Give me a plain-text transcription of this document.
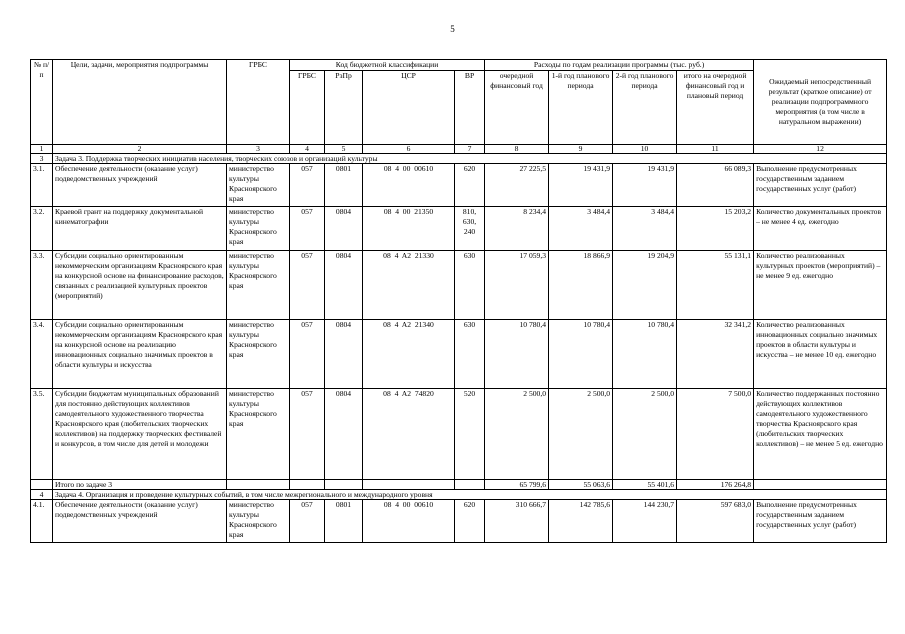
5
№ п/п	Цели, задачи, мероприятия подпрограммы	ГРБС	Код бюджетной классификации				Расходы по годам реализации программы (тыс. руб.)				Ожидаемый непосредственный результат (краткое описание) от реализации подпрограммного мероприятия (в том числе в натуральном выражении)
			ГРБС	РзПр	ЦСР	ВР	очередной финансовый год	1-й год планового периода	2-й год планового периода	итого на очередной финансовый год и плановый период	
1	2	3	4	5	6	7	8	9	10	11	12
3	Задача 3. Поддержка творческих инициатив населения, творческих союзов и организаций культуры										
3.1.	Обеспечение деятельности (оказание услуг) подведомственных учреждений	министерство культуры Красноярского края	057	0801	08  4  00  00610	620	27 225,5	19 431,9	19 431,9	66 089,3	Выполнение предусмотренных государственным заданием государственных услуг (работ)
3.2.	Краевой грант на поддержку документальной кинематографии	министерство культуры Красноярского края	057	0804	08  4  00  21350	810, 630, 240	8 234,4	3 484,4	3 484,4	15 203,2	Количество документальных проектов – не менее 4 ед. ежегодно
3.3.	Субсидии социально ориентированным некоммерческим организациям Красноярского края на конкурсной основе на финансирование расходов, связанных с реализацией культурных проектов (мероприятий)	министерство культуры Красноярского края	057	0804	08  4  A2  21330	630	17 059,3	18 866,9	19 204,9	55 131,1	Количество реализованных культурных проектов (мероприятий) – не менее 9 ед. ежегодно
3.4.	Субсидии социально ориентированным некоммерческим организациям Красноярского края на конкурсной основе на реализацию инновационных социально значимых проектов в области культуры и искусства	министерство культуры Красноярского края	057	0804	08  4  A2  21340	630	10 780,4	10 780,4	10 780,4	32 341,2	Количество реализованных инновационных социально значимых проектов в области культуры и искусства – не менее 10 ед. ежегодно
3.5.	Субсидии бюджетам муниципальных образований для постоянно действующих коллективов самодеятельного художественного творчества Красноярского края (любительских творческих коллективов) на поддержку творческих фестивалей и конкурсов, в том числе для детей и молодежи	министерство культуры Красноярского края	057	0804	08  4  A2  74820	520	2 500,0	2 500,0	2 500,0	7 500,0	Количество поддержанных постоянно действующих коллективов самодеятельного художественного творчества Красноярского края (любительских творческих коллективов) – не менее 5 ед. ежегодно
	Итого по задаче 3						65 799,6	55 063,6	55 401,6	176 264,8	
4	Задача 4. Организация и проведение культурных событий, в том числе межрегионального и международного уровня										
4.1.	Обеспечение деятельности (оказание услуг) подведомственных учреждений	министерство культуры Красноярского края	057	0801	08  4  00  00610	620	310 666,7	142 785,6	144 230,7	597 683,0	Выполнение предусмотренных государственным заданием государственных услуг (работ)
